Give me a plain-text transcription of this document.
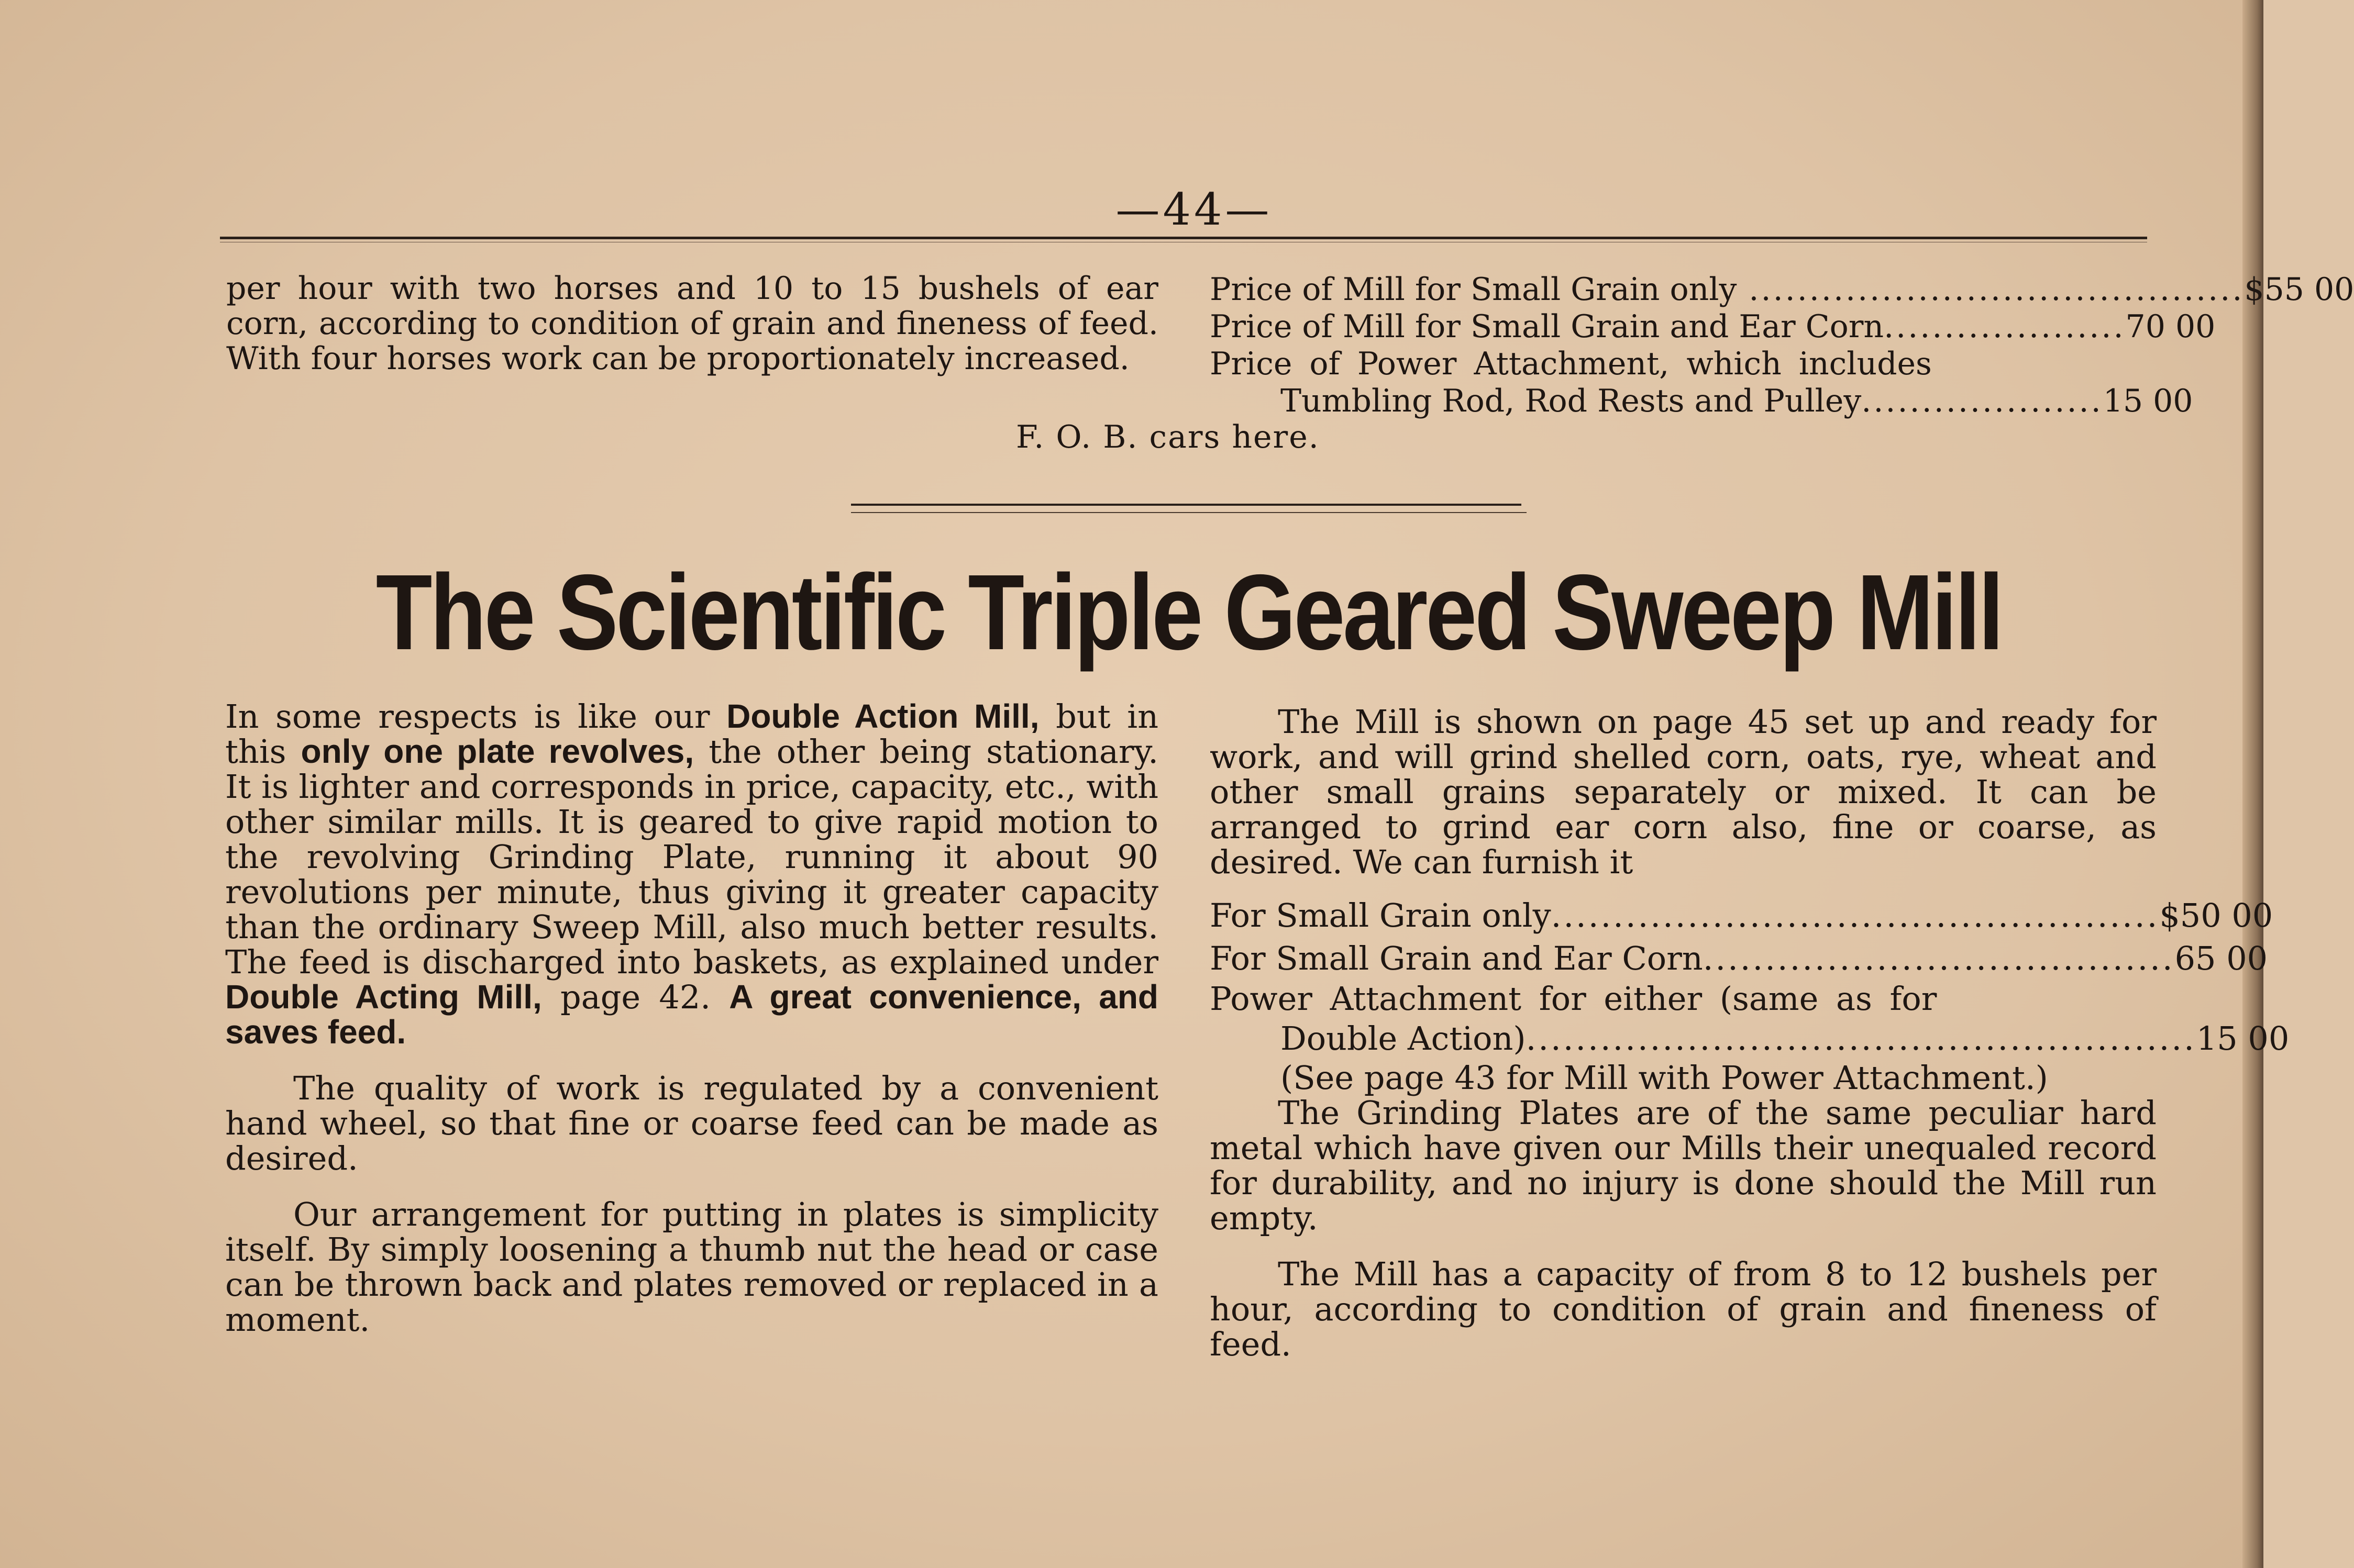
—44—

per hour with two horses and 10 to 15 bushels of ear corn, according to condition of grain and fineness of feed. With four horses work can be proportionately increased.

Price of Mill for Small Grain only ......................................... $55 00
Price of Mill for Small Grain and Ear Corn .................... 70 00
Price of Power Attachment, which includes
Tumbling Rod, Rod Rests and Pulley .................... 15 00
F. O. B. cars here.
The Scientific Triple Geared Sweep Mill

In some respects is like our Double Action Mill, but in this only one plate revolves, the other being stationary. It is lighter and corresponds in price, capacity, etc., with other similar mills. It is geared to give rapid motion to the revolving Grinding Plate, running it about 90 revolutions per minute, thus giving it greater capacity than the ordinary Sweep Mill, also much better results. The feed is discharged into baskets, as explained under Double Acting Mill, page 42. A great convenience, and saves feed.

The quality of work is regulated by a convenient hand wheel, so that fine or coarse feed can be made as desired.

Our arrangement for putting in plates is simplicity itself. By simply loosening a thumb nut the head or case can be thrown back and plates removed or replaced in a moment.

The Mill is shown on page 45 set up and ready for work, and will grind shelled corn, oats, rye, wheat and other small grains separately or mixed. It can be arranged to grind ear corn also, fine or coarse, as desired. We can furnish it

For Small Grain only ................................................. $50 00
For Small Grain and Ear Corn ...................................... 65 00
Power Attachment for either (same as for
Double Action) ...................................................... 15 00
(See page 43 for Mill with Power Attachment.)

The Grinding Plates are of the same peculiar hard metal which have given our Mills their unequaled record for durability, and no injury is done should the Mill run empty.

The Mill has a capacity of from 8 to 12 bushels per hour, according to condition of grain and fineness of feed.
